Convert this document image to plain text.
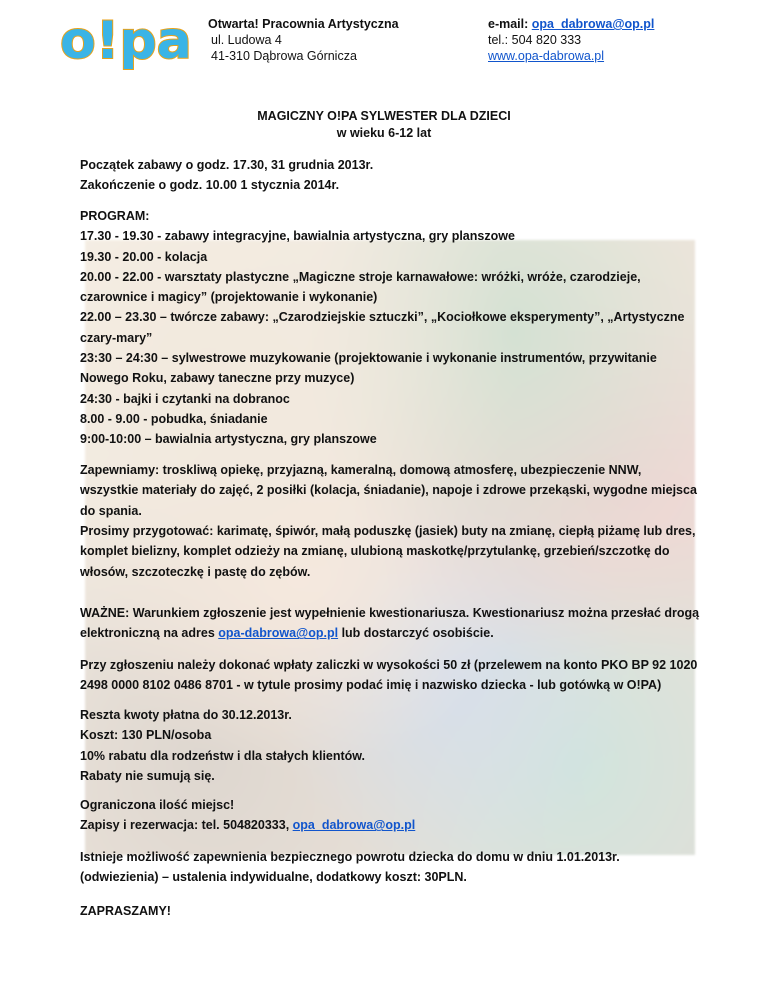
o!pa Otwarta! Pracownia Artystyczna
ul. Ludowa 4
41-310 Dąbrowa Górnicza
e-mail: opa_dabrowa@op.pl
tel.: 504 820 333
www.opa-dabrowa.pl
MAGICZNY O!PA SYLWESTER DLA DZIECI
w wieku 6-12 lat
Początek zabawy o godz. 17.30, 31 grudnia 2013r.
Zakończenie o godz. 10.00 1 stycznia 2014r.
PROGRAM:
17.30 - 19.30 - zabawy integracyjne, bawialnia artystyczna, gry planszowe
19.30 - 20.00 - kolacja
20.00 - 22.00 - warsztaty plastyczne „Magiczne stroje karnawałowe: wróżki, wróże, czarodzieje,
czarownice i magicy” (projektowanie i wykonanie)
22.00 – 23.30 – twórcze zabawy: „Czarodziejskie sztuczki”, „Kociołkowe eksperymenty”, „Artystyczne
czary-mary”
23:30 – 24:30 – sylwestrowe muzykowanie (projektowanie i wykonanie instrumentów, przywitanie
Nowego Roku, zabawy taneczne przy muzyce)
24:30 - bajki i czytanki na dobranoc
8.00 - 9.00 - pobudka, śniadanie
9:00-10:00 – bawialnia artystyczna, gry planszowe
Zapewniamy: troskliwą opiekę, przyjazną, kameralną, domową atmosferę, ubezpieczenie NNW,
wszystkie materiały do zajęć, 2 posiłki (kolacja, śniadanie), napoje i zdrowe przekąski, wygodne miejsca
do spania.
Prosimy przygotować: karimatę, śpiwór, małą poduszkę (jasiek) buty na zmianę, ciepłą piżamę lub dres,
komplet bielizny, komplet odzieży na zmianę, ulubioną maskotkę/przytulankę, grzebień/szczotkę do
włosów, szczoteczkę i pastę do zębów.
WAŻNE: Warunkiem zgłoszenie jest wypełnienie kwestionariusza. Kwestionariusz można przesłać drogą
elektroniczną na adres opa-dabrowa@op.pl lub dostarczyć osobiście.
Przy zgłoszeniu należy dokonać wpłaty zaliczki w wysokości 50 zł (przelewem na konto PKO BP 92 1020
2498 0000 8102 0486 8701 - w tytule prosimy podać imię i nazwisko dziecka - lub gotówką w O!PA)
Reszta kwoty płatna do 30.12.2013r.
Koszt: 130 PLN/osoba
10% rabatu dla rodzeństw i dla stałych klientów.
Rabaty nie sumują się.
Ograniczona ilość miejsc!
Zapisy i rezerwacja: tel. 504820333, opa_dabrowa@op.pl
Istnieje możliwość zapewnienia bezpiecznego powrotu dziecka do domu w dniu 1.01.2013r.
(odwiezienia) – ustalenia indywidualne, dodatkowy koszt: 30PLN.
ZAPRASZAMY!
